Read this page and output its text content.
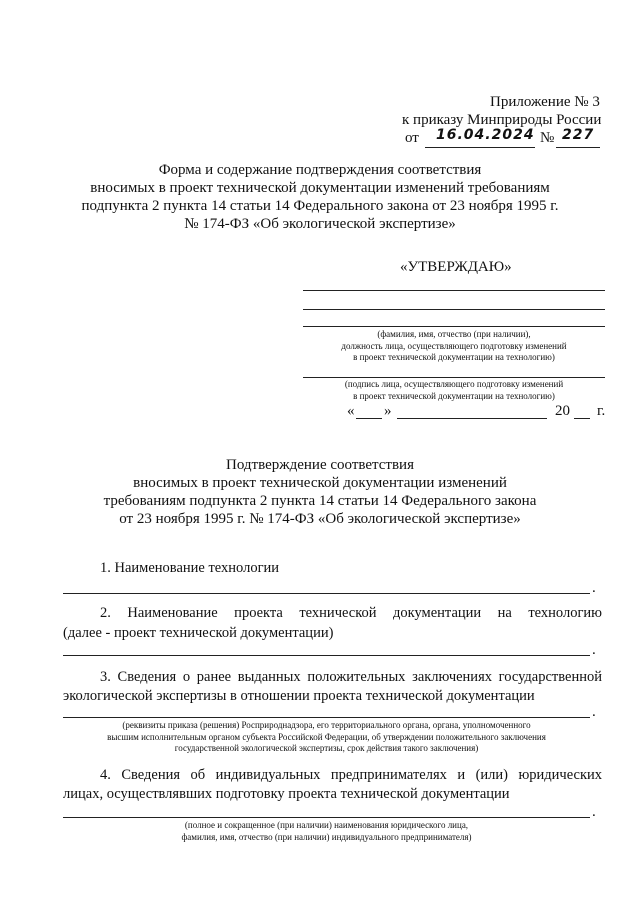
Приложение № 3
к приказу Минприроды России
от 16.04.2024 № 227
Форма и содержание подтверждения соответствия
вносимых в проект технической документации изменений требованиям
подпункта 2 пункта 14 статьи 14 Федерального закона от 23 ноября 1995 г.
№ 174-ФЗ «Об экологической экспертизе»
«УТВЕРЖДАЮ»
(фамилия, имя, отчество (при наличии),
должность лица, осуществляющего подготовку изменений
в проект технической документации на технологию)
(подпись лица, осуществляющего подготовку изменений
в проект технической документации на технологию)
« »	20 г.
Подтверждение соответствия
вносимых в проект технической документации изменений
требованиям подпункта 2 пункта 14 статьи 14 Федерального закона
от 23 ноября 1995 г. № 174-ФЗ «Об экологической экспертизе»
1. Наименование технологии
.
2. Наименование проекта технической документации на технологию
(далее - проект технической документации)
.
3. Сведения о ранее выданных положительных заключениях государственной
экологической экспертизы в отношении проекта технической документации
.
(реквизиты приказа (решения) Росприроднадзора, его территориального органа, органа, уполномоченного
высшим исполнительным органом субъекта Российской Федерации, об утверждении положительного заключения
государственной экологической экспертизы, срок действия такого заключения)
4. Сведения об индивидуальных предпринимателях и (или) юридических
лицах, осуществлявших подготовку проекта технической документации
.
(полное и сокращенное (при наличии) наименования юридического лица,
фамилия, имя, отчество (при наличии) индивидуального предпринимателя)
